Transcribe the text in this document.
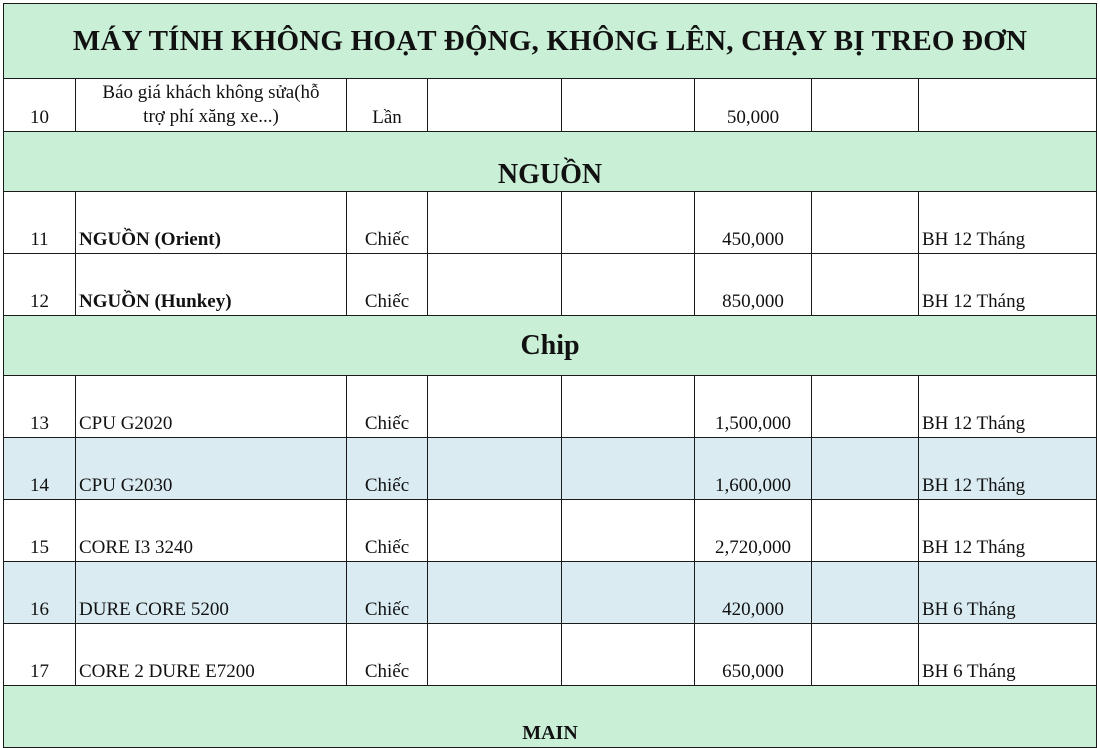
MÁY TÍNH KHÔNG HOẠT ĐỘNG, KHÔNG LÊN, CHẠY BỊ TREO ĐƠN							
10	Báo giá khách không sửa(hỗ trợ phí xăng xe...)	Lần			50,000		
NGUỒN							
11	NGUỒN (Orient)	Chiếc			450,000		BH 12 Tháng
12	NGUỒN (Hunkey)	Chiếc			850,000		BH 12 Tháng
Chip							
13	CPU G2020	Chiếc			1,500,000		BH 12 Tháng
14	CPU G2030	Chiếc			1,600,000		BH 12 Tháng
15	CORE I3 3240	Chiếc			2,720,000		BH 12 Tháng
16	DURE CORE 5200	Chiếc			420,000		BH 6 Tháng
17	CORE 2 DURE E7200	Chiếc			650,000		BH 6 Tháng
MAIN							
